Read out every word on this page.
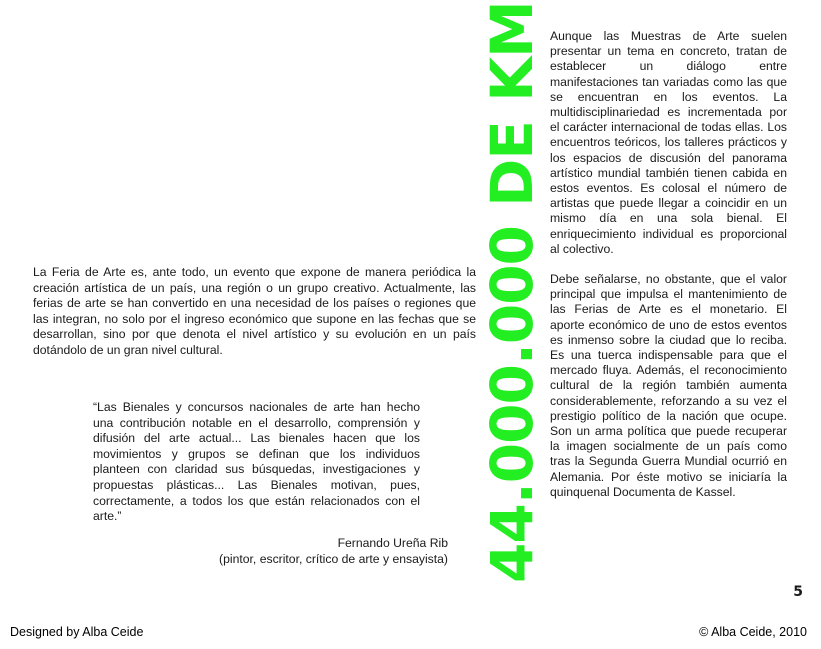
La Feria de Arte es, ante todo, un evento que expone de manera periódica la creación artística de un país, una región o un grupo creativo. Actualmente, las ferias de arte se han convertido en una necesidad de los países o regiones que las integran, no solo por el ingreso económico que supone en las fechas que se desarrollan, sino por que denota el nivel artístico y su evolución en un país dotándolo de un gran nivel cultural.

“Las Bienales y concursos nacionales de arte han hecho una contribución notable en el desarrollo, comprensión y difusión del arte actual... Las bienales hacen que los movimientos y grupos se definan que los individuos planteen con claridad sus búsquedas, investigaciones y propuestas plásticas... Las Bienales motivan, pues, correctamente, a todos los que están relacionados con el arte.”

Fernando Ureña Rib
(pintor, escritor, crítico de arte y ensayista) 44.000.000 DE KM Aunque las Muestras de Arte suelen presentar un tema en concreto, tratan de establecer un diálogo entre manifestaciones tan variadas como las que se encuentran en los eventos. La multidisciplinariedad es incrementada por el carácter internacional de todas ellas. Los encuentros teóricos, los talleres prácticos y los espacios de discusión del panorama artístico mundial también tienen cabida en estos eventos. Es colosal el número de artistas que puede llegar a coincidir en un mismo día en una sola bienal. El enriquecimiento individual es proporcional al colectivo.

Debe señalarse, no obstante, que el valor principal que impulsa el mantenimiento de las Ferias de Arte es el monetario. El aporte económico de uno de estos eventos es inmenso sobre la ciudad que lo reciba. Es una tuerca indispensable para que el mercado fluya. Además, el reconocimiento cultural de la región también aumenta considerablemente, reforzando a su vez el prestigio político de la nación que ocupe. Son un arma política que puede recuperar la imagen socialmente de un país como tras la Segunda Guerra Mundial ocurrió en Alemania. Por éste motivo se iniciaría la quinquenal Documenta de Kassel.

5
Designed by Alba Ceide	© Alba Ceide, 2010
